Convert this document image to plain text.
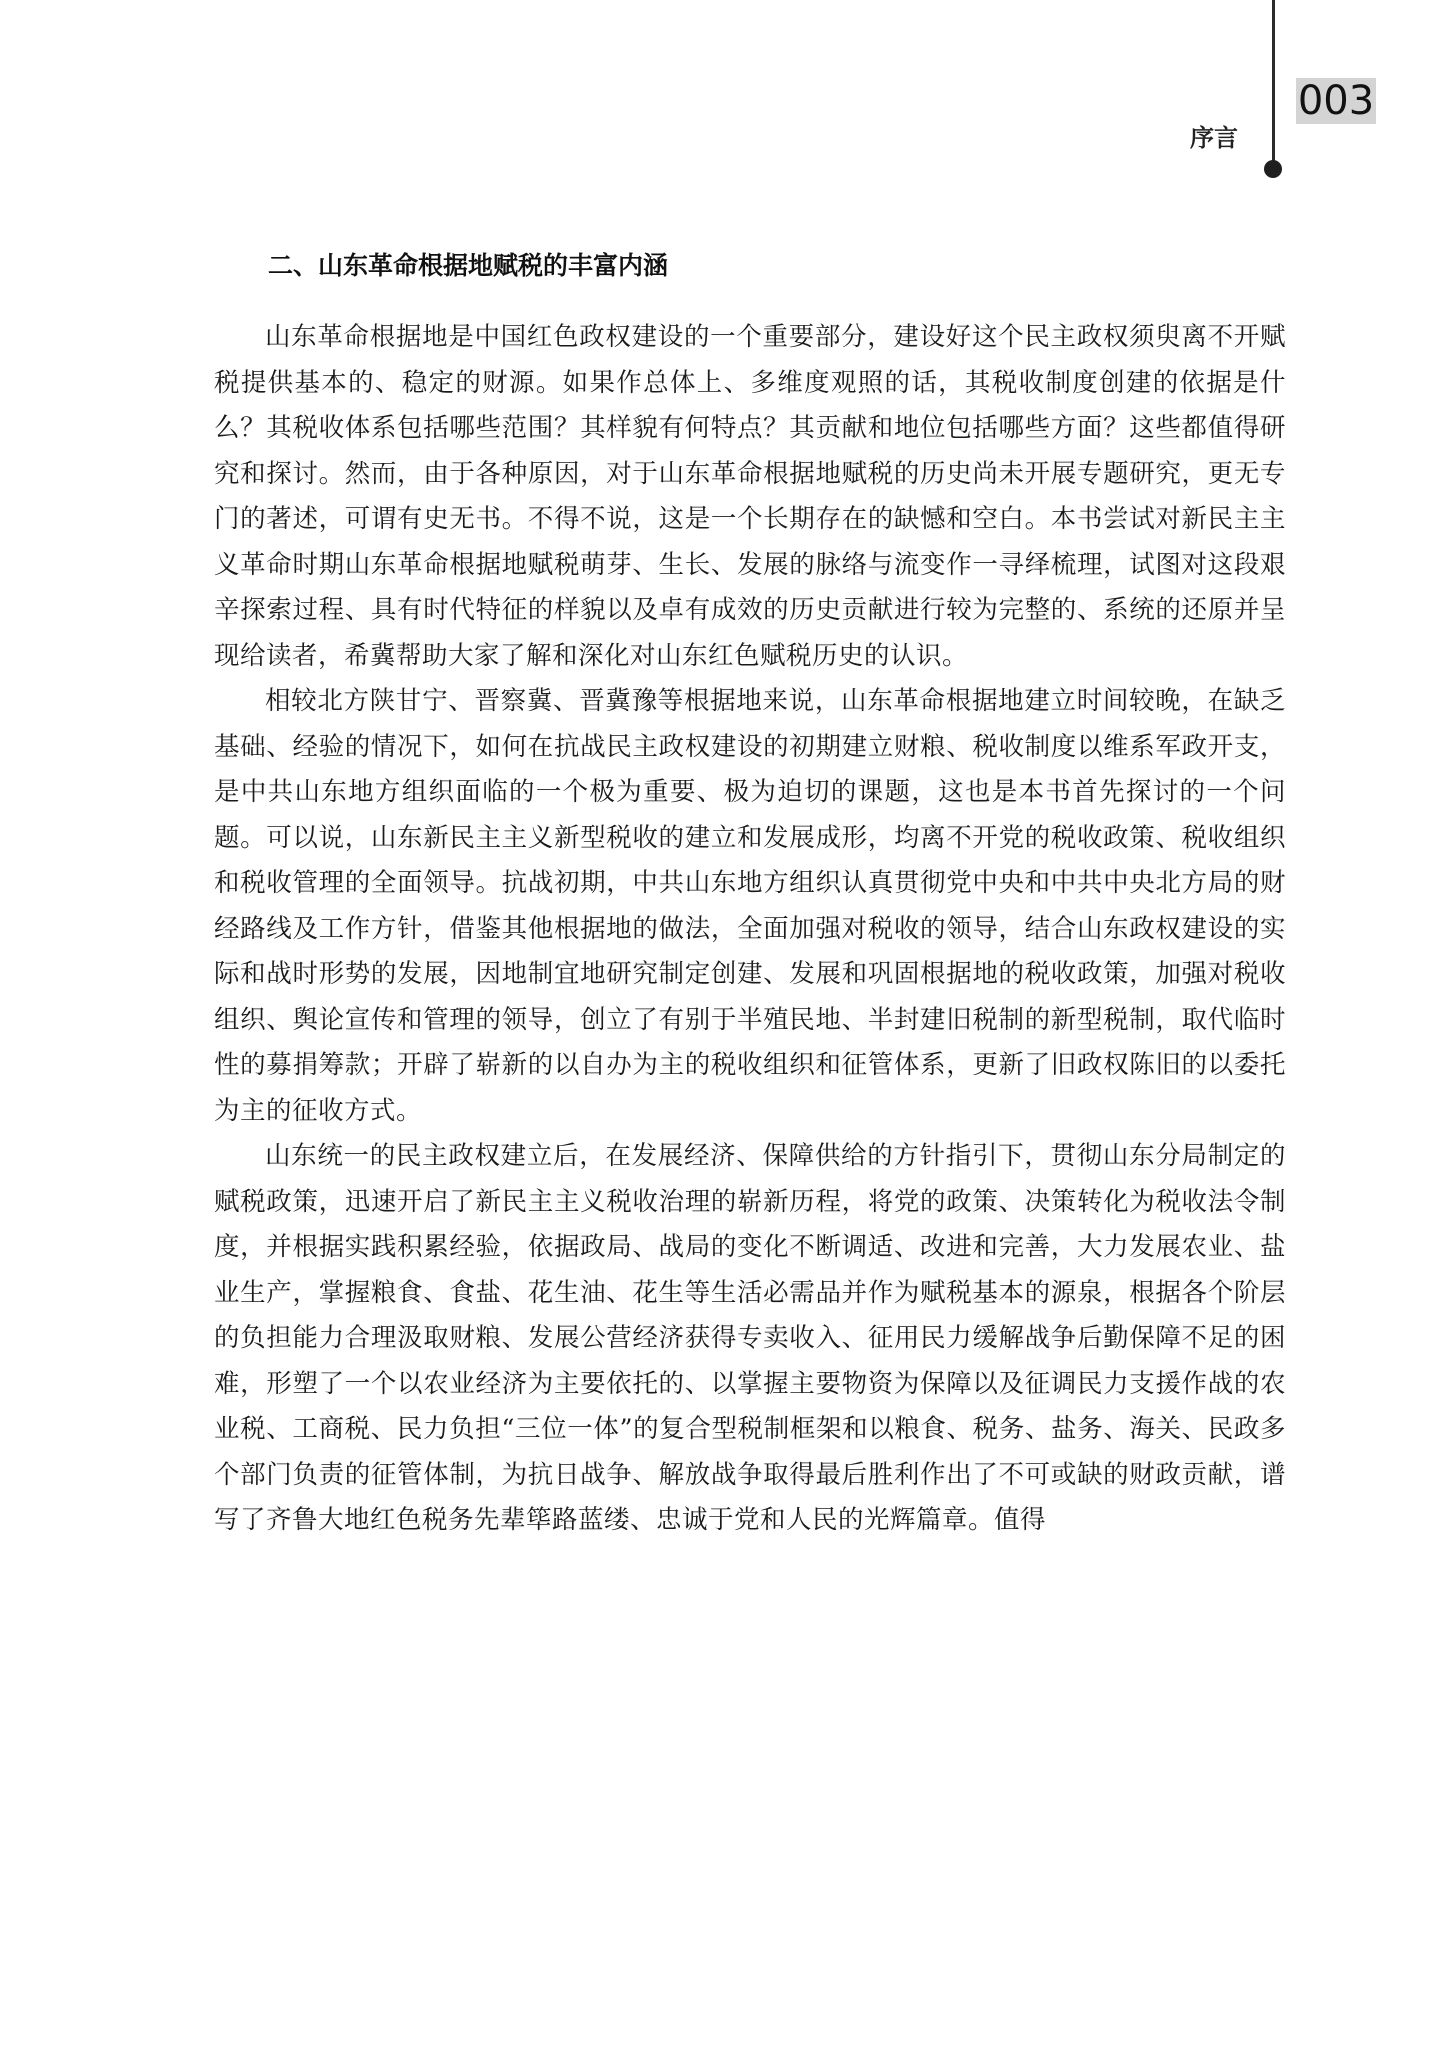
003
序言
二、山东革命根据地赋税的丰富内涵

山东革命根据地是中国红色政权建设的一个重要部分，建设好这个民主政权须臾离不开赋税提供基本的、稳定的财源。如果作总体上、多维度观照的话，其税收制度创建的依据是什么？其税收体系包括哪些范围？其样貌有何特点？其贡献和地位包括哪些方面？这些都值得研究和探讨。然而，由于各种原因，对于山东革命根据地赋税的历史尚未开展专题研究，更无专门的著述，可谓有史无书。不得不说，这是一个长期存在的缺憾和空白。本书尝试对新民主主义革命时期山东革命根据地赋税萌芽、生长、发展的脉络与流变作一寻绎梳理，试图对这段艰辛探索过程、具有时代特征的样貌以及卓有成效的历史贡献进行较为完整的、系统的还原并呈现给读者，希冀帮助大家了解和深化对山东红色赋税历史的认识。

相较北方陕甘宁、晋察冀、晋冀豫等根据地来说，山东革命根据地建立时间较晚，在缺乏基础、经验的情况下，如何在抗战民主政权建设的初期建立财粮、税收制度以维系军政开支，是中共山东地方组织面临的一个极为重要、极为迫切的课题，这也是本书首先探讨的一个问题。可以说，山东新民主主义新型税收的建立和发展成形，均离不开党的税收政策、税收组织和税收管理的全面领导。抗战初期，中共山东地方组织认真贯彻党中央和中共中央北方局的财经路线及工作方针，借鉴其他根据地的做法，全面加强对税收的领导，结合山东政权建设的实际和战时形势的发展，因地制宜地研究制定创建、发展和巩固根据地的税收政策，加强对税收组织、舆论宣传和管理的领导，创立了有别于半殖民地、半封建旧税制的新型税制，取代临时性的募捐筹款；开辟了崭新的以自办为主的税收组织和征管体系，更新了旧政权陈旧的以委托为主的征收方式。

山东统一的民主政权建立后，在发展经济、保障供给的方针指引下，贯彻山东分局制定的赋税政策，迅速开启了新民主主义税收治理的崭新历程，将党的政策、决策转化为税收法令制度，并根据实践积累经验，依据政局、战局的变化不断调适、改进和完善，大力发展农业、盐业生产，掌握粮食、食盐、花生油、花生等生活必需品并作为赋税基本的源泉，根据各个阶层的负担能力合理汲取财粮、发展公营经济获得专卖收入、征用民力缓解战争后勤保障不足的困难，形塑了一个以农业经济为主要依托的、以掌握主要物资为保障以及征调民力支援作战的农业税、工商税、民力负担“三位一体”的复合型税制框架和以粮食、税务、盐务、海关、民政多个部门负责的征管体制，为抗日战争、解放战争取得最后胜利作出了不可或缺的财政贡献，谱写了齐鲁大地红色税务先辈筚路蓝缕、忠诚于党和人民的光辉篇章。值得
